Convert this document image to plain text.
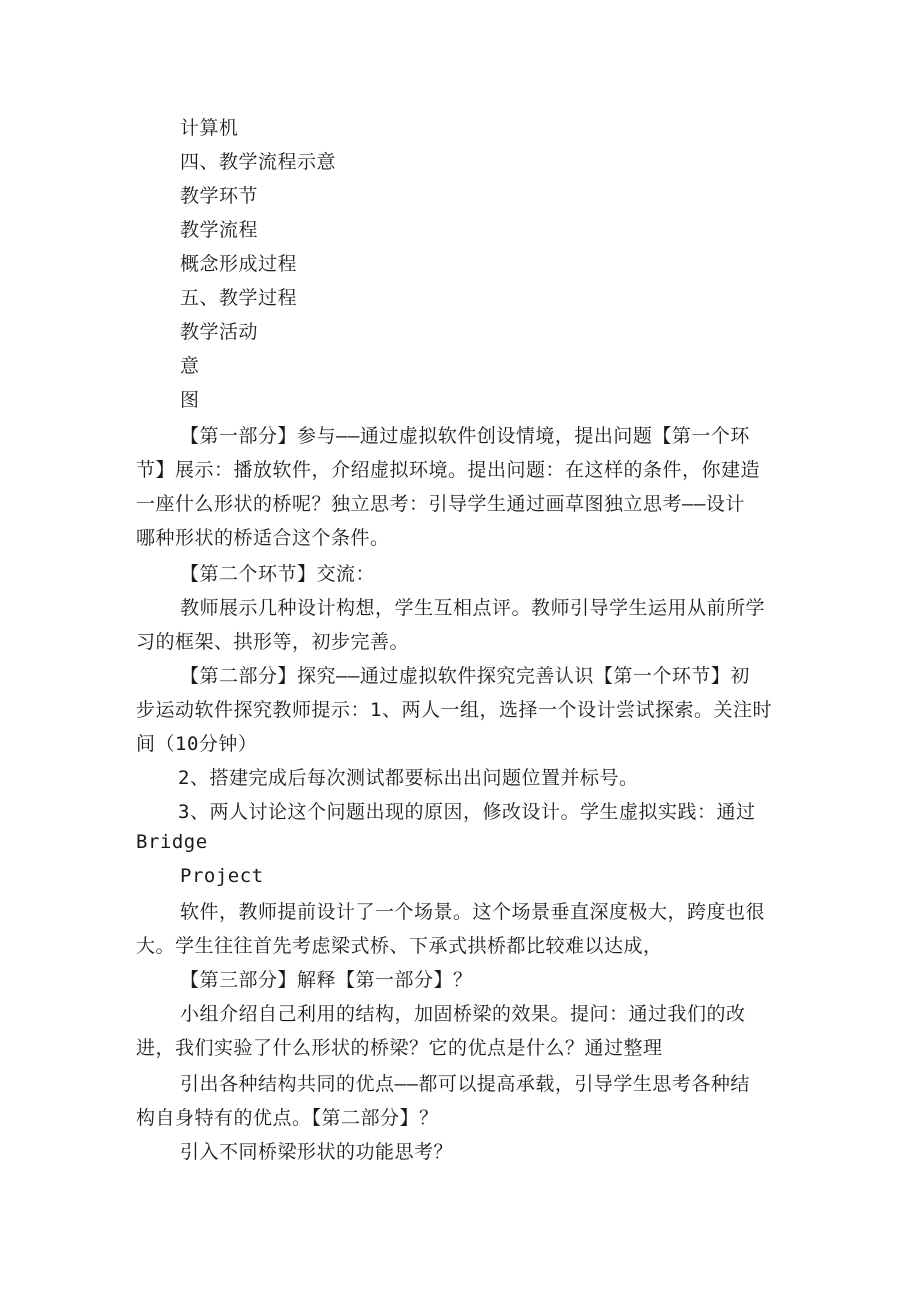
计算机
四、教学流程示意
教学环节
教学流程
概念形成过程
五、教学过程
教学活动
意
图
【第一部分】参与——通过虚拟软件创设情境，提出问题【第一个环
节】展示：播放软件，介绍虚拟环境。提出问题：在这样的条件，你建造
一座什么形状的桥呢？独立思考：引导学生通过画草图独立思考——设计
哪种形状的桥适合这个条件。
【第二个环节】交流：
教师展示几种设计构想，学生互相点评。教师引导学生运用从前所学
习的框架、拱形等，初步完善。
【第二部分】探究——通过虚拟软件探究完善认识【第一个环节】初
步运动软件探究教师提示：1、两人一组，选择一个设计尝试探索。关注时
间（10分钟）
2、搭建完成后每次测试都要标出出问题位置并标号。
3、两人讨论这个问题出现的原因，修改设计。学生虚拟实践：通过
Bridge
Project
软件，教师提前设计了一个场景。这个场景垂直深度极大，跨度也很
大。学生往往首先考虑梁式桥、下承式拱桥都比较难以达成，
【第三部分】解释【第一部分】？
小组介绍自己利用的结构，加固桥梁的效果。提问：通过我们的改
进，我们实验了什么形状的桥梁？它的优点是什么？通过整理
引出各种结构共同的优点——都可以提高承载，引导学生思考各种结
构自身特有的优点。【第二部分】？
引入不同桥梁形状的功能思考？
